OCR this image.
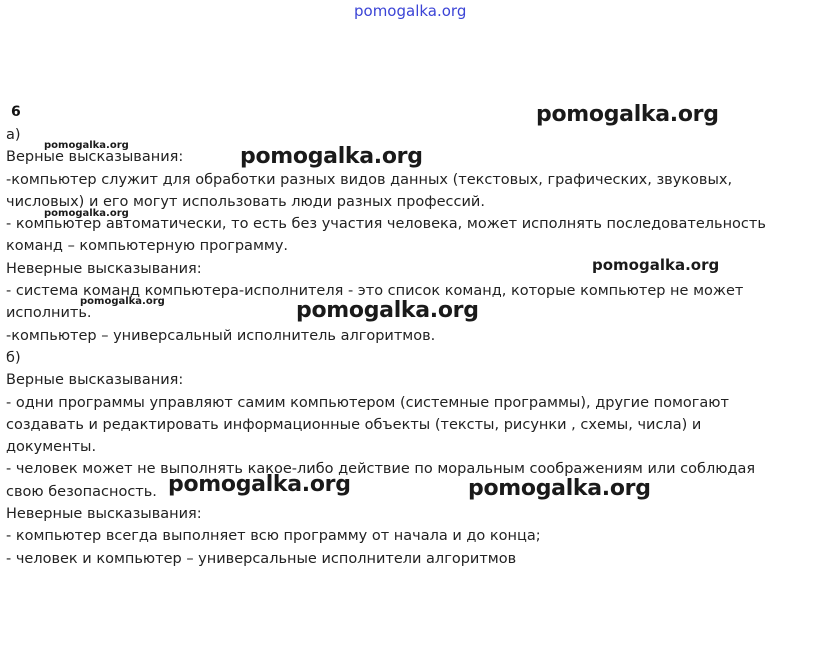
pomogalka.org
6
а)
Верные высказывания:
-компьютер служит для обработки разных видов данных (текстовых, графических, звуковых,
числовых) и его могут использовать люди разных профессий.
- компьютер автоматически, то есть без участия человека, может исполнять последовательность
команд – компьютерную программу.
Неверные высказывания:
- система команд компьютера-исполнителя - это список команд, которые компьютер не может
исполнить.
-компьютер – универсальный исполнитель алгоритмов.
б)
Верные высказывания:
- одни программы управляют самим компьютером (системные программы), другие помогают
создавать и редактировать информационные объекты (тексты, рисунки , схемы, числа) и
документы.
- человек может не выполнять какое-либо действие по моральным соображениям или соблюдая
свою безопасность.
Неверные высказывания:
- компьютер всегда выполняет всю программу от начала и до конца;
- человек и компьютер – универсальные исполнители алгоритмов
pomogalka.org
pomogalka.org	pomogalka.org
pomogalka.org
pomogalka.org
pomogalka.org	pomogalka.org
pomogalka.org	pomogalka.org
